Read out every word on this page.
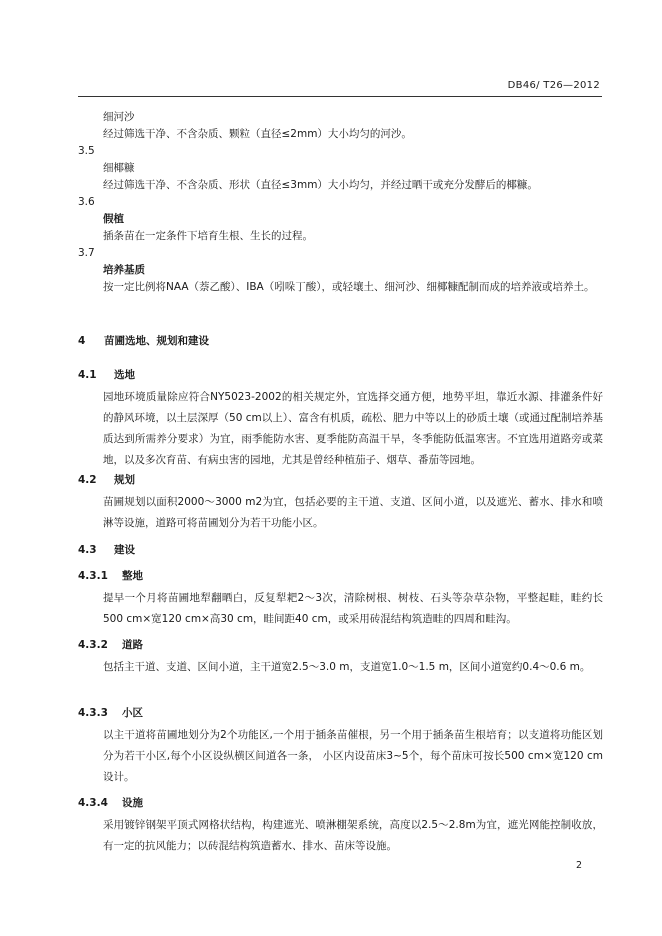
DB46/ T26—2012
细河沙
经过筛选干净、不含杂质、颗粒（直径≤2mm）大小均匀的河沙。
3.5
细椰糠
经过筛选干净、不含杂质、形状（直径≤3mm）大小均匀，并经过晒干或充分发酵后的椰糠。
3.6
假植
插条苗在一定条件下培育生根、生长的过程。
3.7
培养基质
按一定比例将NAA（萘乙酸）、IBA（吲哚丁酸），或轻壤土、细河沙、细椰糠配制而成的培养液或培养土。
4 苗圃选地、规划和建设
4.1 选地
园地环境质量除应符合NY5023-2002的相关规定外，宜选择交通方便，地势平坦，靠近水源、排灌条件好的静风环境，以土层深厚（50 cm以上）、富含有机质，疏松、肥力中等以上的砂质土壤（或通过配制培养基质达到所需养分要求）为宜，雨季能防水害、夏季能防高温干旱，冬季能防低温寒害。不宜选用道路旁或菜地，以及多次育苗、有病虫害的园地，尤其是曾经种植茄子、烟草、番茄等园地。
4.2 规划
苗圃规划以面积2000～3000 m2为宜，包括必要的主干道、支道、区间小道，以及遮光、蓄水、排水和喷淋等设施，道路可将苗圃划分为若干功能小区。
4.3 建设
4.3.1 整地
提早一个月将苗圃地犁翻晒白，反复犁耙2～3次，清除树根、树枝、石头等杂草杂物，平整起畦，畦约长500 cm×宽120 cm×高30 cm，畦间距40 cm，或采用砖混结构筑造畦的四周和畦沟。
4.3.2 道路
包括主干道、支道、区间小道，主干道宽2.5～3.0 m，支道宽1.0～1.5 m，区间小道宽约0.4～0.6 m。
4.3.3 小区
以主干道将苗圃地划分为2个功能区,一个用于插条苗催根，另一个用于插条苗生根培育；以支道将功能区划分为若干小区,每个小区设纵横区间道各一条， 小区内设苗床3~5个，每个苗床可按长500 cm×宽120 cm设计。
4.3.4 设施
采用镀锌钢架平顶式网格状结构，构建遮光、喷淋棚架系统，高度以2.5～2.8m为宜，遮光网能控制收放，有一定的抗风能力；以砖混结构筑造蓄水、排水、苗床等设施。
2
